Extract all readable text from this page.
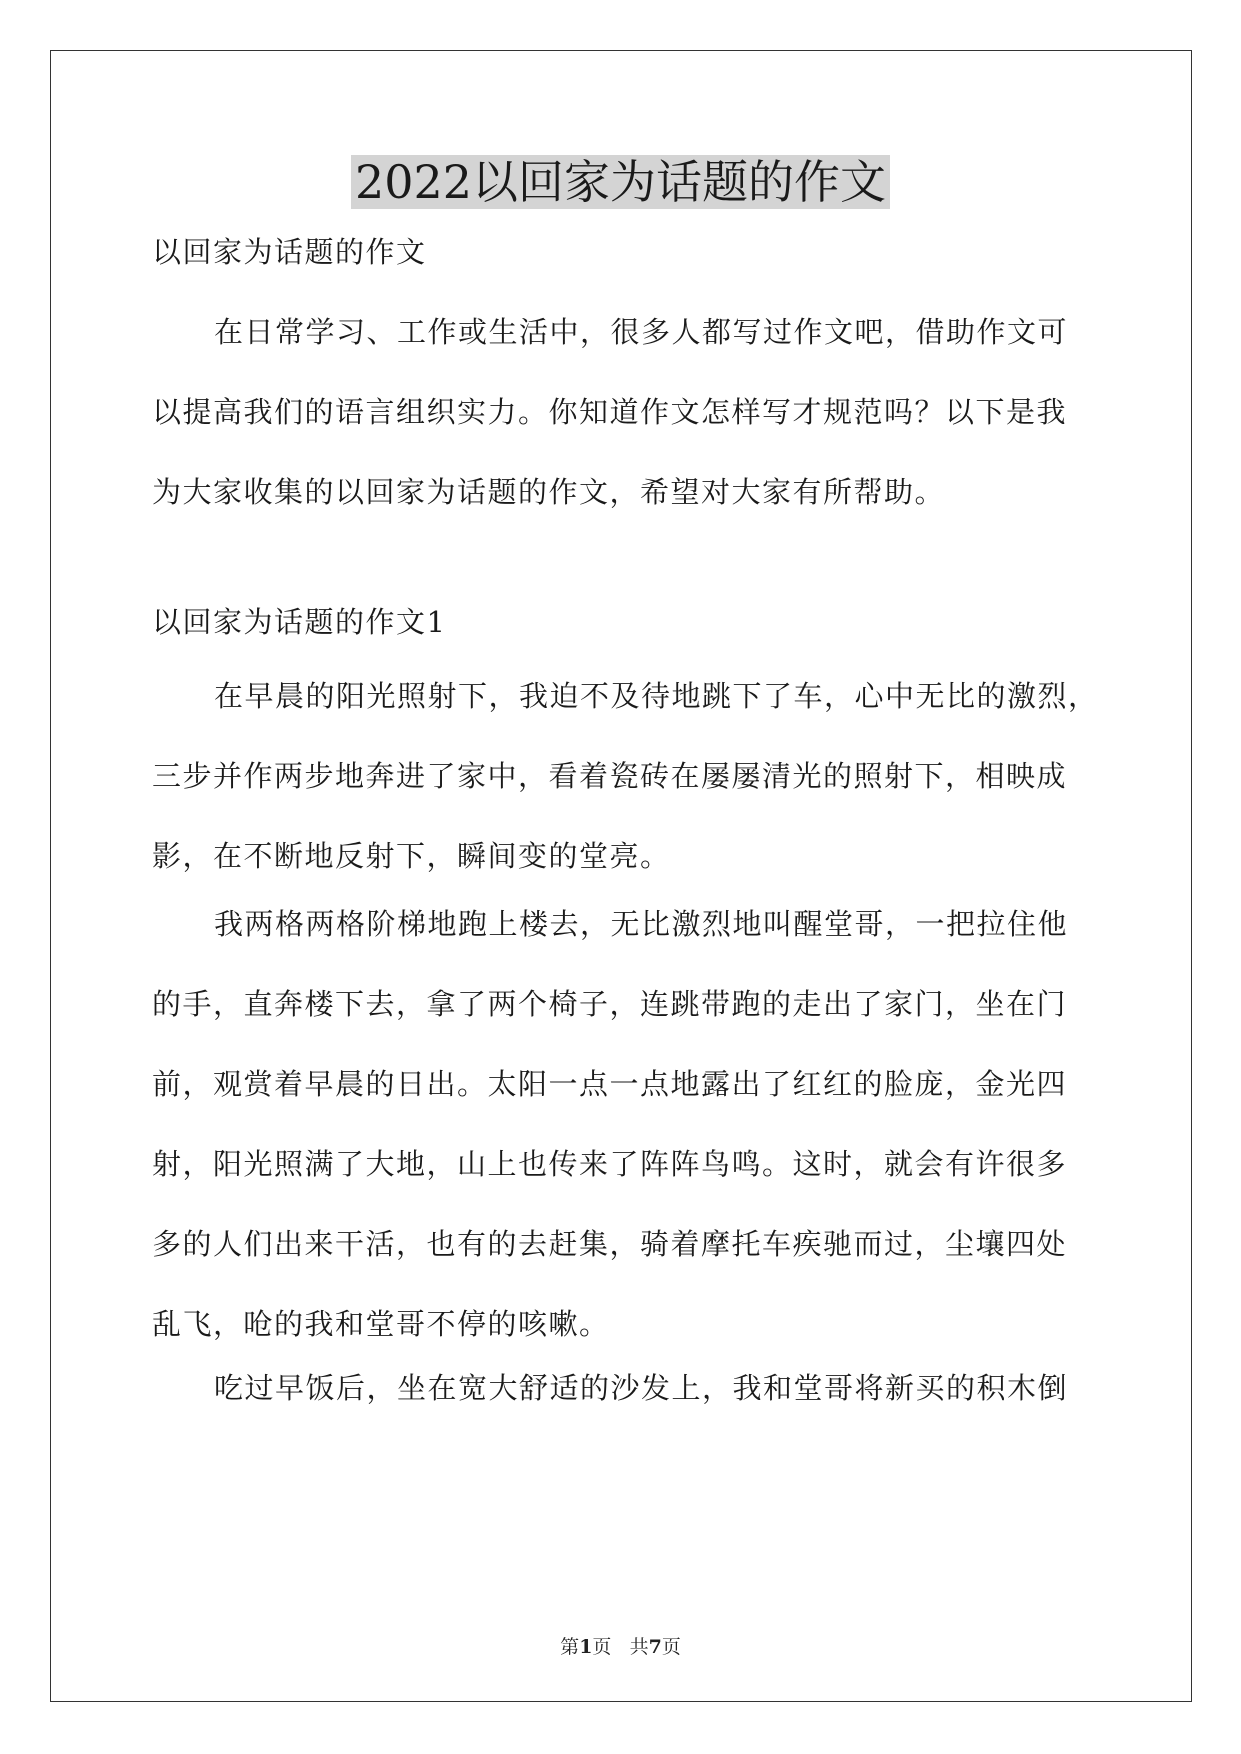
2022以回家为话题的作文
以回家为话题的作文
在日常学习、工作或生活中，很多人都写过作文吧，借助作文可
以提高我们的语言组织实力。你知道作文怎样写才规范吗？以下是我
为大家收集的以回家为话题的作文，希望对大家有所帮助。
以回家为话题的作文1
在早晨的阳光照射下，我迫不及待地跳下了车，心中无比的激烈，
三步并作两步地奔进了家中，看着瓷砖在屡屡清光的照射下，相映成
影，在不断地反射下，瞬间变的堂亮。
我两格两格阶梯地跑上楼去，无比激烈地叫醒堂哥，一把拉住他
的手，直奔楼下去，拿了两个椅子，连跳带跑的走出了家门，坐在门
前，观赏着早晨的日出。太阳一点一点地露出了红红的脸庞，金光四
射，阳光照满了大地，山上也传来了阵阵鸟鸣。这时，就会有许很多
多的人们出来干活，也有的去赶集，骑着摩托车疾驰而过，尘壤四处
乱飞，呛的我和堂哥不停的咳嗽。
吃过早饭后，坐在宽大舒适的沙发上，我和堂哥将新买的积木倒
第1页 共7页
